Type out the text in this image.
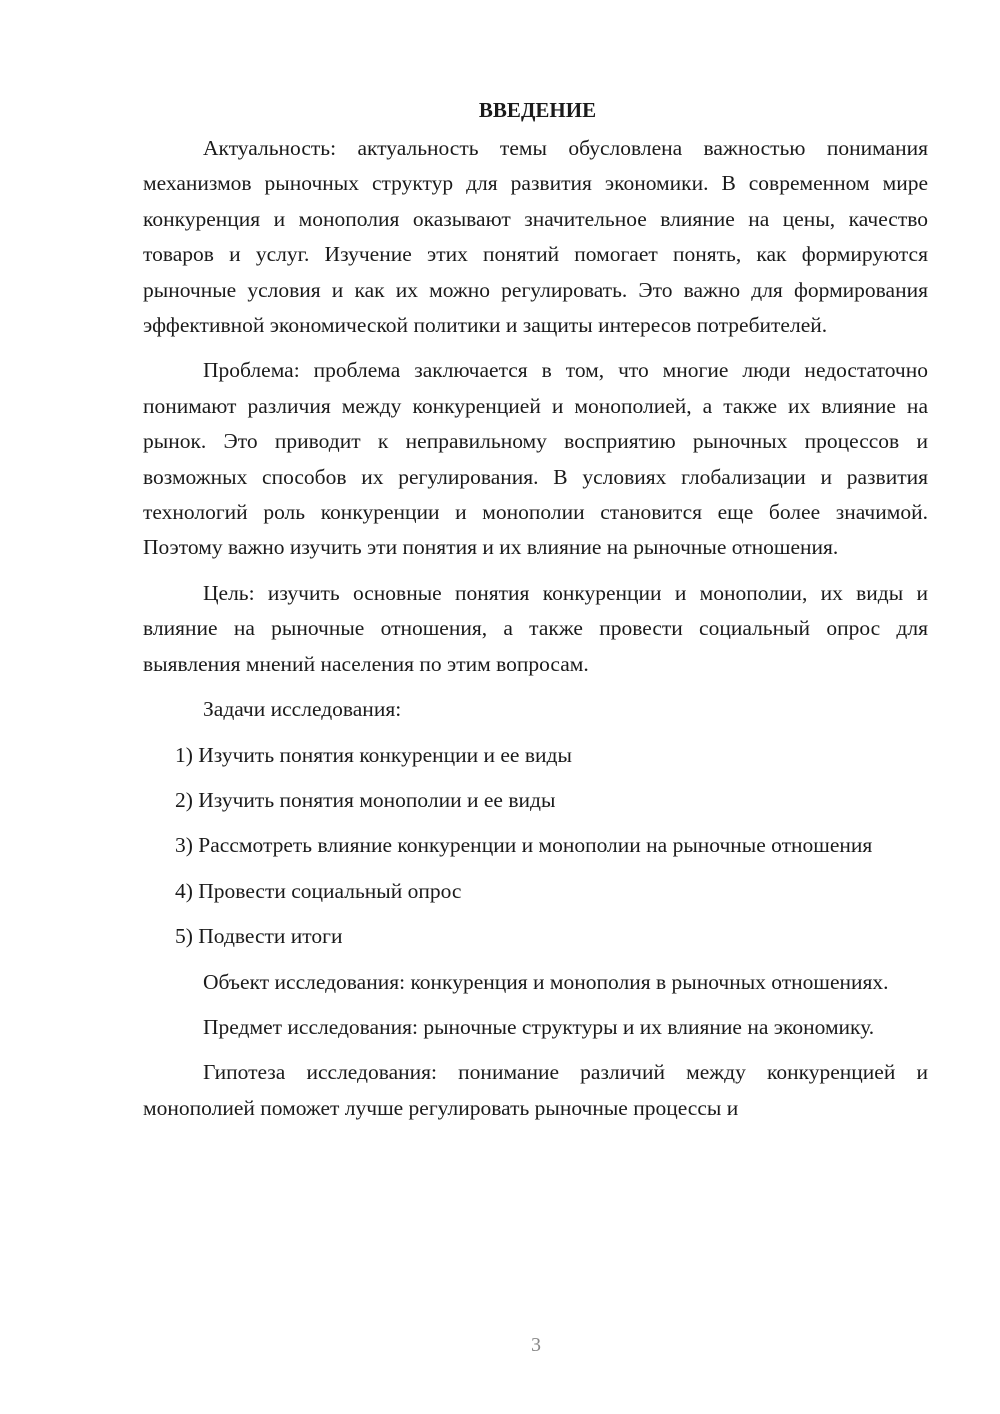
ВВЕДЕНИЕ

Актуальность: актуальность темы обусловлена важностью понимания механизмов рыночных структур для развития экономики. В современном мире конкуренция и монополия оказывают значительное влияние на цены, качество товаров и услуг. Изучение этих понятий помогает понять, как формируются рыночные условия и как их можно регулировать. Это важно для формирования эффективной экономической политики и защиты интересов потребителей.

Проблема: проблема заключается в том, что многие люди недостаточно понимают различия между конкуренцией и монополией, а также их влияние на рынок. Это приводит к неправильному восприятию рыночных процессов и возможных способов их регулирования. В условиях глобализации и развития технологий роль конкуренции и монополии становится еще более значимой. Поэтому важно изучить эти понятия и их влияние на рыночные отношения.

Цель: изучить основные понятия конкуренции и монополии, их виды и влияние на рыночные отношения, а также провести социальный опрос для выявления мнений населения по этим вопросам.

Задачи исследования:

1) Изучить понятия конкуренции и ее виды

2) Изучить понятия монополии и ее виды

3) Рассмотреть влияние конкуренции и монополии на рыночные отношения

4) Провести социальный опрос

5) Подвести итоги

Объект исследования: конкуренция и монополия в рыночных отношениях.

Предмет исследования: рыночные структуры и их влияние на экономику.

Гипотеза исследования: понимание различий между конкуренцией и монополией поможет лучше регулировать рыночные процессы и

3
